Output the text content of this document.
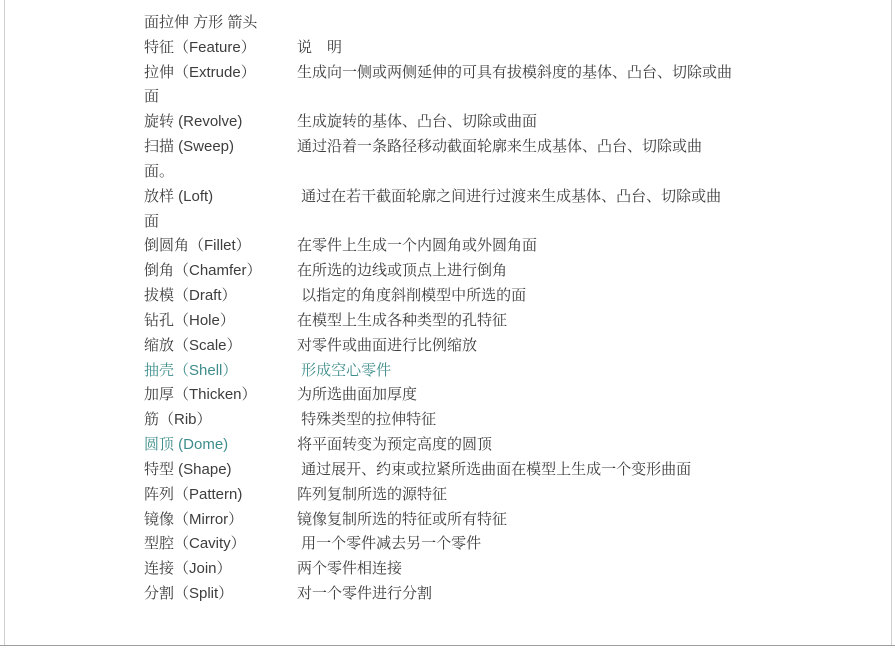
面拉伸 方形 箭头
特征（Feature）	说　明
拉伸（Extrude）	生成向一侧或两侧延伸的可具有拔模斜度的基体、凸台、切除或曲
面
旋转 (Revolve)	生成旋转的基体、凸台、切除或曲面
扫描 (Sweep)	通过沿着一条路径移动截面轮廓来生成基体、凸台、切除或曲
面。
放样 (Loft)	通过在若干截面轮廓之间进行过渡来生成基体、凸台、切除或曲
面
倒圆角（Fillet）	在零件上生成一个内圆角或外圆角面
倒角（Chamfer） 在所选的边线或顶点上进行倒角
拔模（Draft）	以指定的角度斜削模型中所选的面
钻孔（Hole）	在模型上生成各种类型的孔特征
缩放（Scale）	对零件或曲面进行比例缩放
抽壳（Shell）	形成空心零件
加厚（Thicken）	为所选曲面加厚度
筋（Rib）	特殊类型的拉伸特征
圆顶 (Dome)	将平面转变为预定高度的圆顶
特型 (Shape)	通过展开、约束或拉紧所选曲面在模型上生成一个变形曲面
阵列（Pattern)	阵列复制所选的源特征
镜像（Mirror）	镜像复制所选的特征或所有特征
型腔（Cavity）	用一个零件减去另一个零件
连接（Join）	两个零件相连接
分割（Split）	对一个零件进行分割
